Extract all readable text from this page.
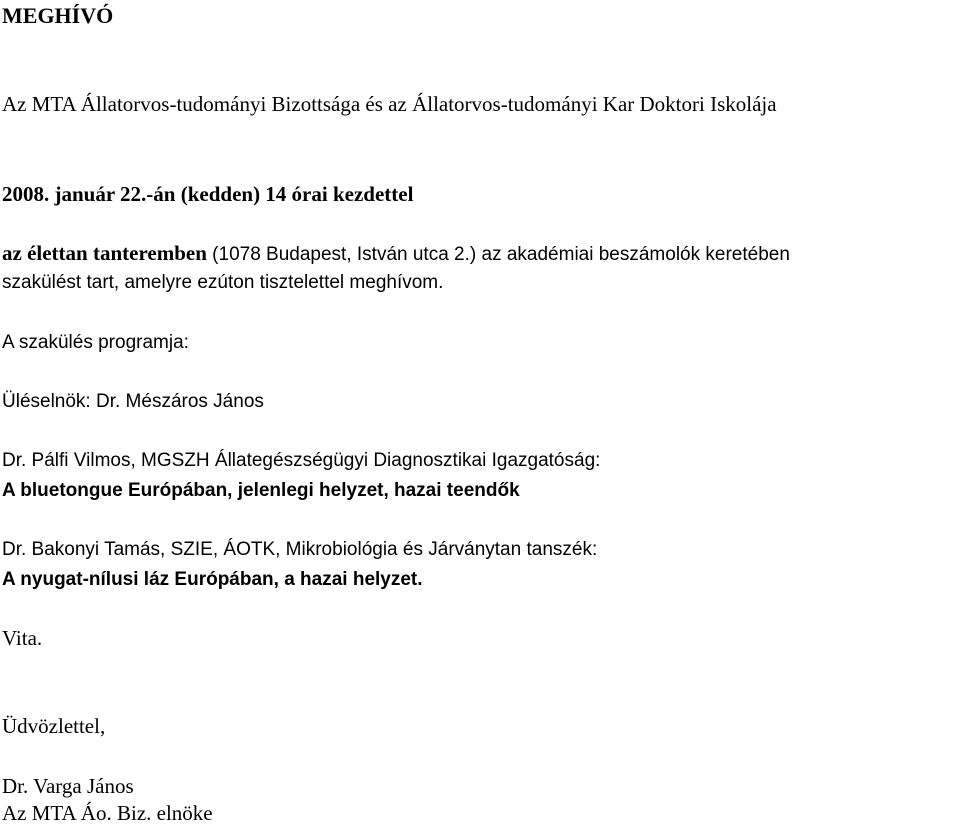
MEGHÍVÓ
Az MTA Állatorvos-tudományi Bizottsága és az Állatorvos-tudományi Kar Doktori Iskolája
2008. január 22.-án (kedden) 14 órai kezdettel
az élettan tanteremben (1078 Budapest, István utca 2.) az akadémiai beszámolók keretében
szakülést tart, amelyre ezúton tisztelettel meghívom.
A szakülés programja:
Üléselnök: Dr. Mészáros János
Dr. Pálfi Vilmos, MGSZH Állategészségügyi Diagnosztikai Igazgatóság:
A bluetongue Európában, jelenlegi helyzet, hazai teendők
Dr. Bakonyi Tamás, SZIE, ÁOTK, Mikrobiológia és Járványtan tanszék:
A nyugat-nílusi láz Európában, a hazai helyzet.
Vita.
Üdvözlettel,
Dr. Varga János
Az MTA Áo. Biz. elnöke
